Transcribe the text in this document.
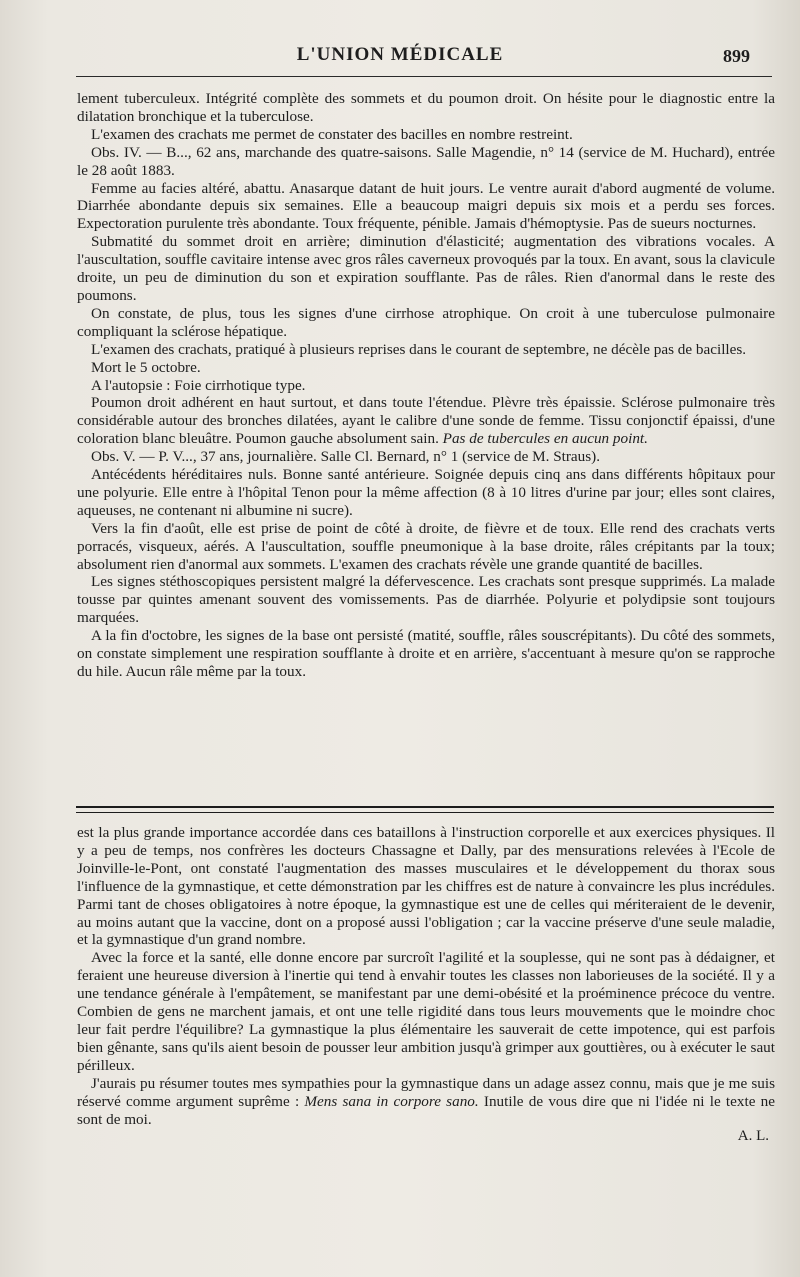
L'UNION MÉDICALE	899

lement tuberculeux. Intégrité complète des sommets et du poumon droit. On hésite pour le diagnostic entre la dilatation bronchique et la tuberculose.

L'examen des crachats me permet de constater des bacilles en nombre restreint.

Obs. IV. — B..., 62 ans, marchande des quatre-saisons. Salle Magendie, n° 14 (service de M. Huchard), entrée le 28 août 1883.

Femme au facies altéré, abattu. Anasarque datant de huit jours. Le ventre aurait d'abord augmenté de volume. Diarrhée abondante depuis six semaines. Elle a beaucoup maigri depuis six mois et a perdu ses forces. Expectoration purulente très abondante. Toux fréquente, pénible. Jamais d'hémoptysie. Pas de sueurs nocturnes.

Submatité du sommet droit en arrière; diminution d'élasticité; augmentation des vibrations vocales. A l'auscultation, souffle cavitaire intense avec gros râles caverneux provoqués par la toux. En avant, sous la clavicule droite, un peu de diminution du son et expiration soufflante. Pas de râles. Rien d'anormal dans le reste des poumons.

On constate, de plus, tous les signes d'une cirrhose atrophique. On croit à une tuberculose pulmonaire compliquant la sclérose hépatique.

L'examen des crachats, pratiqué à plusieurs reprises dans le courant de septembre, ne décèle pas de bacilles.

Mort le 5 octobre.

A l'autopsie : Foie cirrhotique type.

Poumon droit adhérent en haut surtout, et dans toute l'étendue. Plèvre très épaissie. Sclérose pulmonaire très considérable autour des bronches dilatées, ayant le calibre d'une sonde de femme. Tissu conjonctif épaissi, d'une coloration blanc bleuâtre. Poumon gauche absolument sain. Pas de tubercules en aucun point.

Obs. V. — P. V..., 37 ans, journalière. Salle Cl. Bernard, n° 1 (service de M. Straus).

Antécédents héréditaires nuls. Bonne santé antérieure. Soignée depuis cinq ans dans différents hôpitaux pour une polyurie. Elle entre à l'hôpital Tenon pour la même affection (8 à 10 litres d'urine par jour; elles sont claires, aqueuses, ne contenant ni albumine ni sucre).

Vers la fin d'août, elle est prise de point de côté à droite, de fièvre et de toux. Elle rend des crachats verts porracés, visqueux, aérés. A l'auscultation, souffle pneumonique à la base droite, râles crépitants par la toux; absolument rien d'anormal aux sommets. L'examen des crachats révèle une grande quantité de bacilles.

Les signes stéthoscopiques persistent malgré la défervescence. Les crachats sont presque supprimés. La malade tousse par quintes amenant souvent des vomissements. Pas de diarrhée. Polyurie et polydipsie sont toujours marquées.

A la fin d'octobre, les signes de la base ont persisté (matité, souffle, râles souscrépitants). Du côté des sommets, on constate simplement une respiration soufflante à droite et en arrière, s'accentuant à mesure qu'on se rapproche du hile. Aucun râle même par la toux.

est la plus grande importance accordée dans ces bataillons à l'instruction corporelle et aux exercices physiques. Il y a peu de temps, nos confrères les docteurs Chassagne et Dally, par des mensurations relevées à l'Ecole de Joinville-le-Pont, ont constaté l'augmentation des masses musculaires et le développement du thorax sous l'influence de la gymnastique, et cette démonstration par les chiffres est de nature à convaincre les plus incrédules. Parmi tant de choses obligatoires à notre époque, la gymnastique est une de celles qui mériteraient de le devenir, au moins autant que la vaccine, dont on a proposé aussi l'obligation ; car la vaccine préserve d'une seule maladie, et la gymnastique d'un grand nombre.

Avec la force et la santé, elle donne encore par surcroît l'agilité et la souplesse, qui ne sont pas à dédaigner, et feraient une heureuse diversion à l'inertie qui tend à envahir toutes les classes non laborieuses de la société. Il y a une tendance générale à l'empâtement, se manifestant par une demi-obésité et la proéminence précoce du ventre. Combien de gens ne marchent jamais, et ont une telle rigidité dans tous leurs mouvements que le moindre choc leur fait perdre l'équilibre? La gymnastique la plus élémentaire les sauverait de cette impotence, qui est parfois bien gênante, sans qu'ils aient besoin de pousser leur ambition jusqu'à grimper aux gouttières, ou à exécuter le saut périlleux.

J'aurais pu résumer toutes mes sympathies pour la gymnastique dans un adage assez connu, mais que je me suis réservé comme argument suprême : Mens sana in corpore sano. Inutile de vous dire que ni l'idée ni le texte ne sont de moi.

A. L.
